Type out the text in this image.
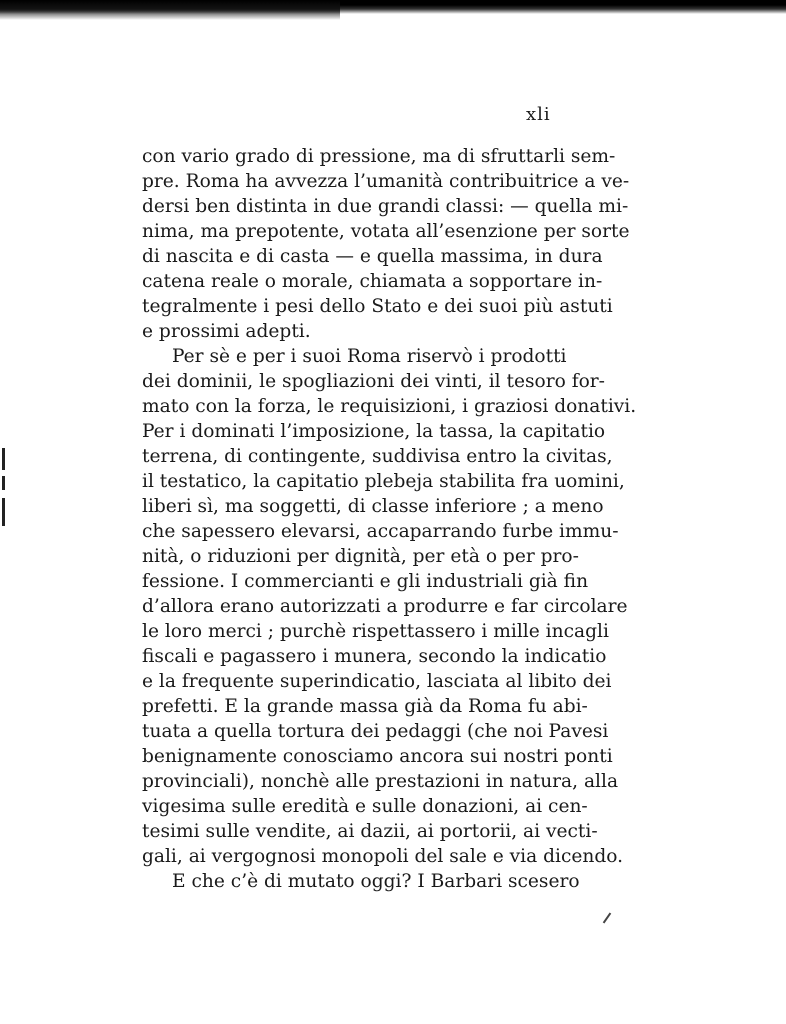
xli
con vario grado di pressione, ma di sfruttarli sem-
pre. Roma ha avvezza l’umanità contribuitrice a ve-
dersi ben distinta in due grandi classi: — quella mi-
nima, ma prepotente, votata all’esenzione per sorte
di nascita e di casta — e quella massima, in dura
catena reale o morale, chiamata a sopportare in-
tegralmente i pesi dello Stato e dei suoi più astuti
e prossimi adepti.
Per sè e per i suoi Roma riservò i prodotti
dei dominii, le spogliazioni dei vinti, il tesoro for-
mato con la forza, le requisizioni, i graziosi donativi.
Per i dominati l’imposizione, la tassa, la capitatio
terrena, di contingente, suddivisa entro la civitas,
il testatico, la capitatio plebeja stabilita fra uomini,
liberi sì, ma soggetti, di classe inferiore ; a meno
che sapessero elevarsi, accaparrando furbe immu-
nità, o riduzioni per dignità, per età o per pro-
fessione. I commercianti e gli industriali già fin
d’allora erano autorizzati a produrre e far circolare
le loro merci ; purchè rispettassero i mille incagli
fiscali e pagassero i munera, secondo la indicatio
e la frequente superindicatio, lasciata al libito dei
prefetti. E la grande massa già da Roma fu abi-
tuata a quella tortura dei pedaggi (che noi Pavesi
benignamente conosciamo ancora sui nostri ponti
provinciali), nonchè alle prestazioni in natura, alla
vigesima sulle eredità e sulle donazioni, ai cen-
tesimi sulle vendite, ai dazii, ai portorii, ai vecti-
gali, ai vergognosi monopoli del sale e via dicendo.
E che c’è di mutato oggi? I Barbari scesero
